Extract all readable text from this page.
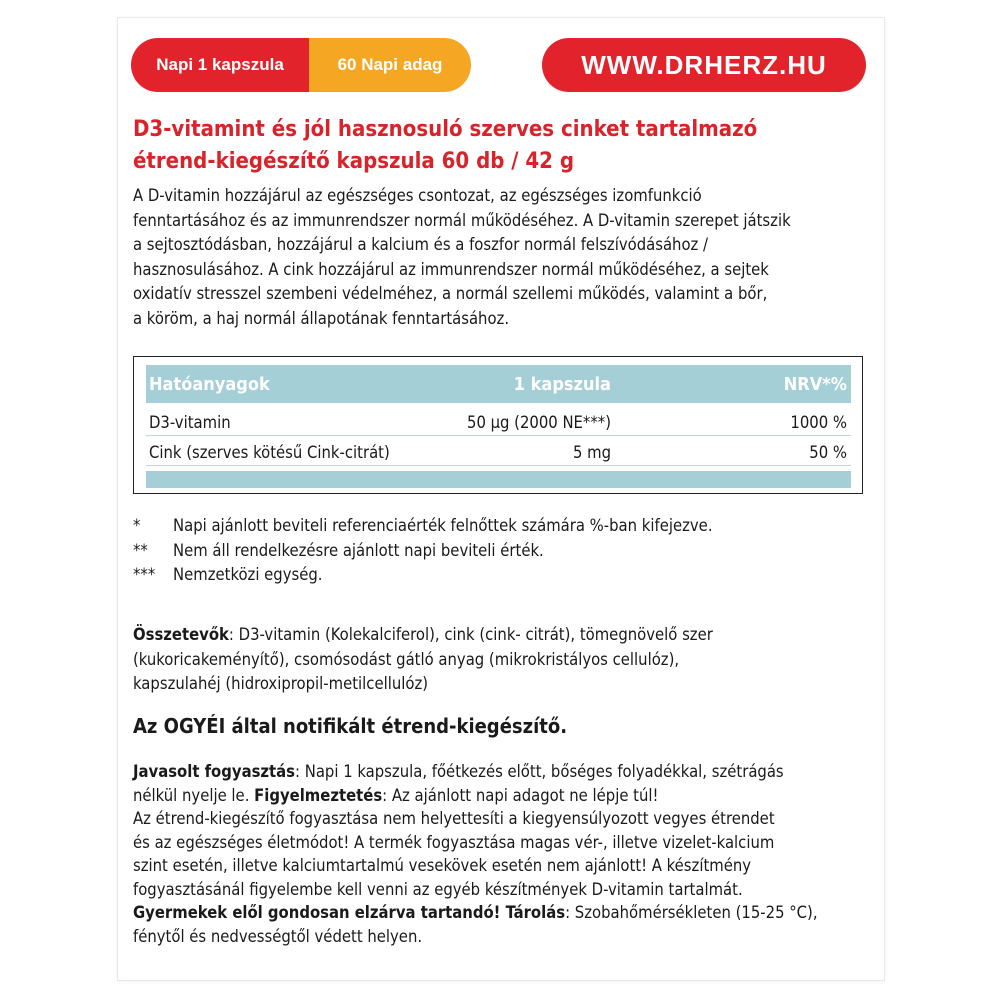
Napi 1 kapszula	60 Napi adag	WWW.DRHERZ.HU
D3-vitamint és jól hasznosuló szerves cinket tartalmazó
étrend-kiegészítő kapszula 60 db / 42 g
A D-vitamin hozzájárul az egészséges csontozat, az egészséges izomfunkció
fenntartásához és az immunrendszer normál működéséhez. A D-vitamin szerepet játszik
a sejtosztódásban, hozzájárul a kalcium és a foszfor normál felszívódásához /
hasznosulásához. A cink hozzájárul az immunrendszer normál működéséhez, a sejtek
oxidatív stresszel szembeni védelméhez, a normál szellemi működés, valamint a bőr,
a köröm, a haj normál állapotának fenntartásához.
Hatóanyagok	1 kapszula	NRV*%
D3-vitamin	50 µg (2000 NE***)	1000 %
Cink (szerves kötésű Cink-citrát)	5 mg	50 %
* Napi ajánlott beviteli referenciaérték felnőttek számára %-ban kifejezve.
** Nem áll rendelkezésre ajánlott napi beviteli érték.
*** Nemzetközi egység.
Összetevők: D3-vitamin (Kolekalciferol), cink (cink- citrát), tömegnövelő szer
(kukoricakeményítő), csomósodást gátló anyag (mikrokristályos cellulóz),
kapszulahéj (hidroxipropil-metilcellulóz)
Az OGYÉI által notifikált étrend-kiegészítő.
Javasolt fogyasztás: Napi 1 kapszula, főétkezés előtt, bőséges folyadékkal, szétrágás
nélkül nyelje le. Figyelmeztetés: Az ajánlott napi adagot ne lépje túl!
Az étrend-kiegészítő fogyasztása nem helyettesíti a kiegyensúlyozott vegyes étrendet
és az egészséges életmódot! A termék fogyasztása magas vér-, illetve vizelet-kalcium
szint esetén, illetve kalciumtartalmú vesekövek esetén nem ajánlott! A készítmény
fogyasztásánál figyelembe kell venni az egyéb készítmények D-vitamin tartalmát.
Gyermekek elől gondosan elzárva tartandó! Tárolás: Szobahőmérsékleten (15-25 °C),
fénytől és nedvességtől védett helyen.
